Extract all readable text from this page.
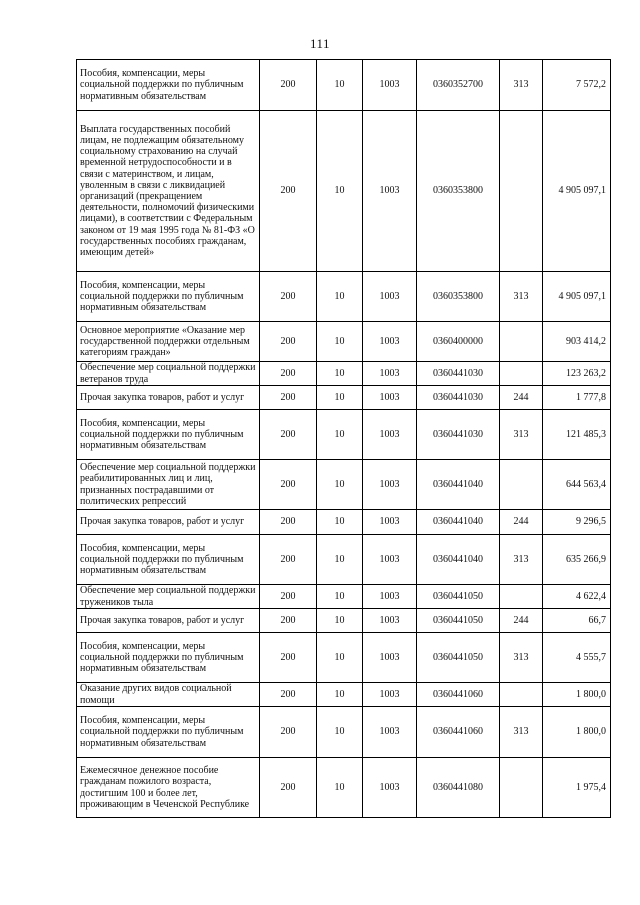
111
Пособия, компенсации, меры социальной поддержки по публичным нормативным обязательствам	200	10	1003	0360352700	313	7 572,2
Выплата государственных пособий лицам, не подлежащим обязательному социальному страхованию на случай временной нетрудоспособности и в связи с материнством, и лицам, уволенным в связи с ликвидацией организаций (прекращением деятельности, полномочий физическими лицами), в соответствии с Федеральным законом от 19 мая 1995 года № 81-ФЗ «О государственных пособиях гражданам, имеющим детей»	200	10	1003	0360353800		4 905 097,1
Пособия, компенсации, меры социальной поддержки по публичным нормативным обязательствам	200	10	1003	0360353800	313	4 905 097,1
Основное мероприятие «Оказание мер государственной поддержки отдельным категориям граждан»	200	10	1003	0360400000		903 414,2
Обеспечение мер социальной поддержки ветеранов труда	200	10	1003	0360441030		123 263,2
Прочая закупка товаров, работ и услуг	200	10	1003	0360441030	244	1 777,8
Пособия, компенсации, меры социальной поддержки по публичным нормативным обязательствам	200	10	1003	0360441030	313	121 485,3
Обеспечение мер социальной поддержки реабилитированных лиц и лиц, признанных пострадавшими от политических репрессий	200	10	1003	0360441040		644 563,4
Прочая закупка товаров, работ и услуг	200	10	1003	0360441040	244	9 296,5
Пособия, компенсации, меры социальной поддержки по публичным нормативным обязательствам	200	10	1003	0360441040	313	635 266,9
Обеспечение мер социальной поддержки тружеников тыла	200	10	1003	0360441050		4 622,4
Прочая закупка товаров, работ и услуг	200	10	1003	0360441050	244	66,7
Пособия, компенсации, меры социальной поддержки по публичным нормативным обязательствам	200	10	1003	0360441050	313	4 555,7
Оказание других видов социальной помощи	200	10	1003	0360441060		1 800,0
Пособия, компенсации, меры социальной поддержки по публичным нормативным обязательствам	200	10	1003	0360441060	313	1 800,0
Ежемесячное денежное пособие гражданам пожилого возраста, достигшим 100 и более лет, проживающим в Чеченской Республике	200	10	1003	0360441080		1 975,4
